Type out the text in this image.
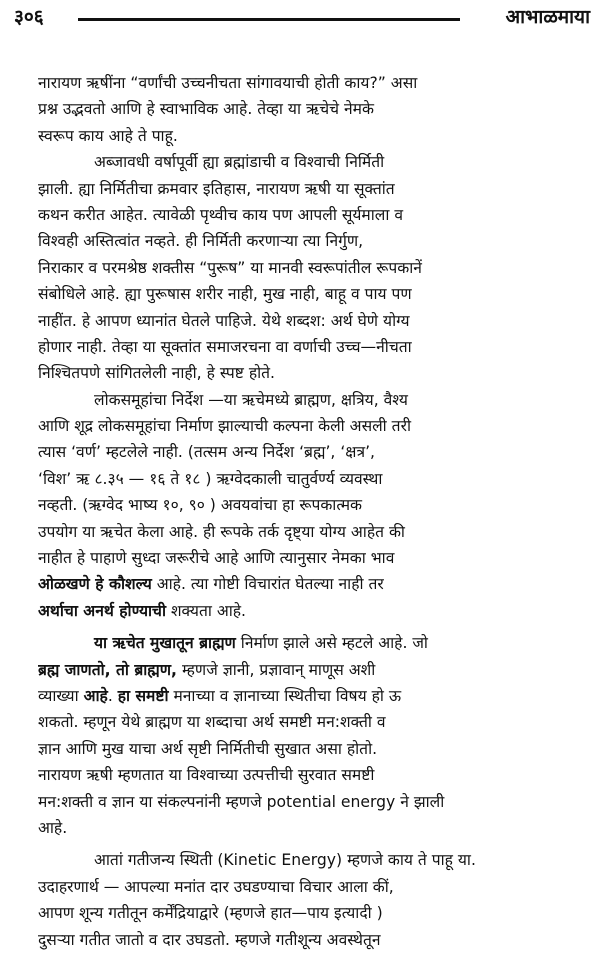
३०६	आभाळमाया
नारायण ऋषींना “वर्णांची उच्चनीचता सांगावयाची होती काय?” असा
प्रश्न उद्भवतो आणि हे स्वाभाविक आहे. तेव्हा या ऋचेचे नेमके
स्वरूप काय आहे ते पाहू.
अब्जावधी वर्षापूर्वी ह्या ब्रह्मांडाची व विश्वाची निर्मिती
झाली. ह्या निर्मितीचा क्रमवार इतिहास, नारायण ऋषी या सूक्तांत
कथन करीत आहेत. त्यावेळी पृथ्वीच काय पण आपली सूर्यमाला व
विश्वही अस्तित्वांत नव्हते. ही निर्मिती करणाऱ्या त्या निर्गुण,
निराकार व परमश्रेष्ठ शक्तीस “पुरूष” या मानवी स्वरूपांतील रूपकानें
संबोधिले आहे. ह्या पुरूषास शरीर नाही, मुख नाही, बाहू व पाय पण
नाहींत. हे आपण ध्यानांत घेतले पाहिजे. येथे शब्दश: अर्थ घेणे योग्य
होणार नाही. तेव्हा या सूक्तांत समाजरचना वा वर्णाची उच्च—नीचता
निश्चितपणे सांगितलेली नाही, हे स्पष्ट होते.
लोकसमूहांचा निर्देश —या ऋचेमध्ये ब्राह्मण, क्षत्रिय, वैश्य
आणि शूद्र लोकसमूहांचा निर्माण झाल्याची कल्पना केली असली तरी
त्यास ‘वर्ण’ म्हटलेले नाही. (तत्सम अन्य निर्देश ‘ब्रह्म’, ‘क्षत्र’,
‘विश’ ऋ ८.३५ — १६ ते १८ ) ऋग्वेदकाली चातुर्वर्ण्य व्यवस्था
नव्हती. (ऋग्वेद भाष्य १०, ९० ) अवयवांचा हा रूपकात्मक
उपयोग या ऋचेत केला आहे. ही रूपके तर्क दृष्ट्या योग्य आहेत की
नाहीत हे पाहाणे सुध्दा जरूरीचे आहे आणि त्यानुसार नेमका भाव
ओळखणे हे कौशल्य आहे. त्या गोष्टी विचारांत घेतल्या नाही तर
अर्थाचा अनर्थ होण्याची शक्यता आहे.
या ऋचेत मुखातून ब्राह्मण निर्माण झाले असे म्हटले आहे. जो
ब्रह्म जाणतो, तो ब्राह्मण, म्हणजे ज्ञानी, प्रज्ञावान् माणूस अशी
व्याख्या आहे. हा समष्टी मनाच्या व ज्ञानाच्या स्थितीचा विषय हो ऊ
शकतो. म्हणून येथे ब्राह्मण या शब्दाचा अर्थ समष्टी मन:शक्ती व
ज्ञान आणि मुख याचा अर्थ सृष्टी निर्मितीची सुखात असा होतो.
नारायण ऋषी म्हणतात या विश्वाच्या उत्पत्तीची सुरवात समष्टी
मन:शक्ती व ज्ञान या संकल्पनांनी म्हणजे potential energy ने झाली
आहे.
आतां गतीजन्य स्थिती (Kinetic Energy) म्हणजे काय ते पाहू या.
उदाहरणार्थ — आपल्या मनांत दार उघडण्याचा विचार आला कीं,
आपण शून्य गतीतून कर्मेंद्रियाद्वारे (म्हणजे हात—पाय इत्यादी )
दुसऱ्या गतीत जातो व दार उघडतो. म्हणजे गतीशून्य अवस्थेतून
